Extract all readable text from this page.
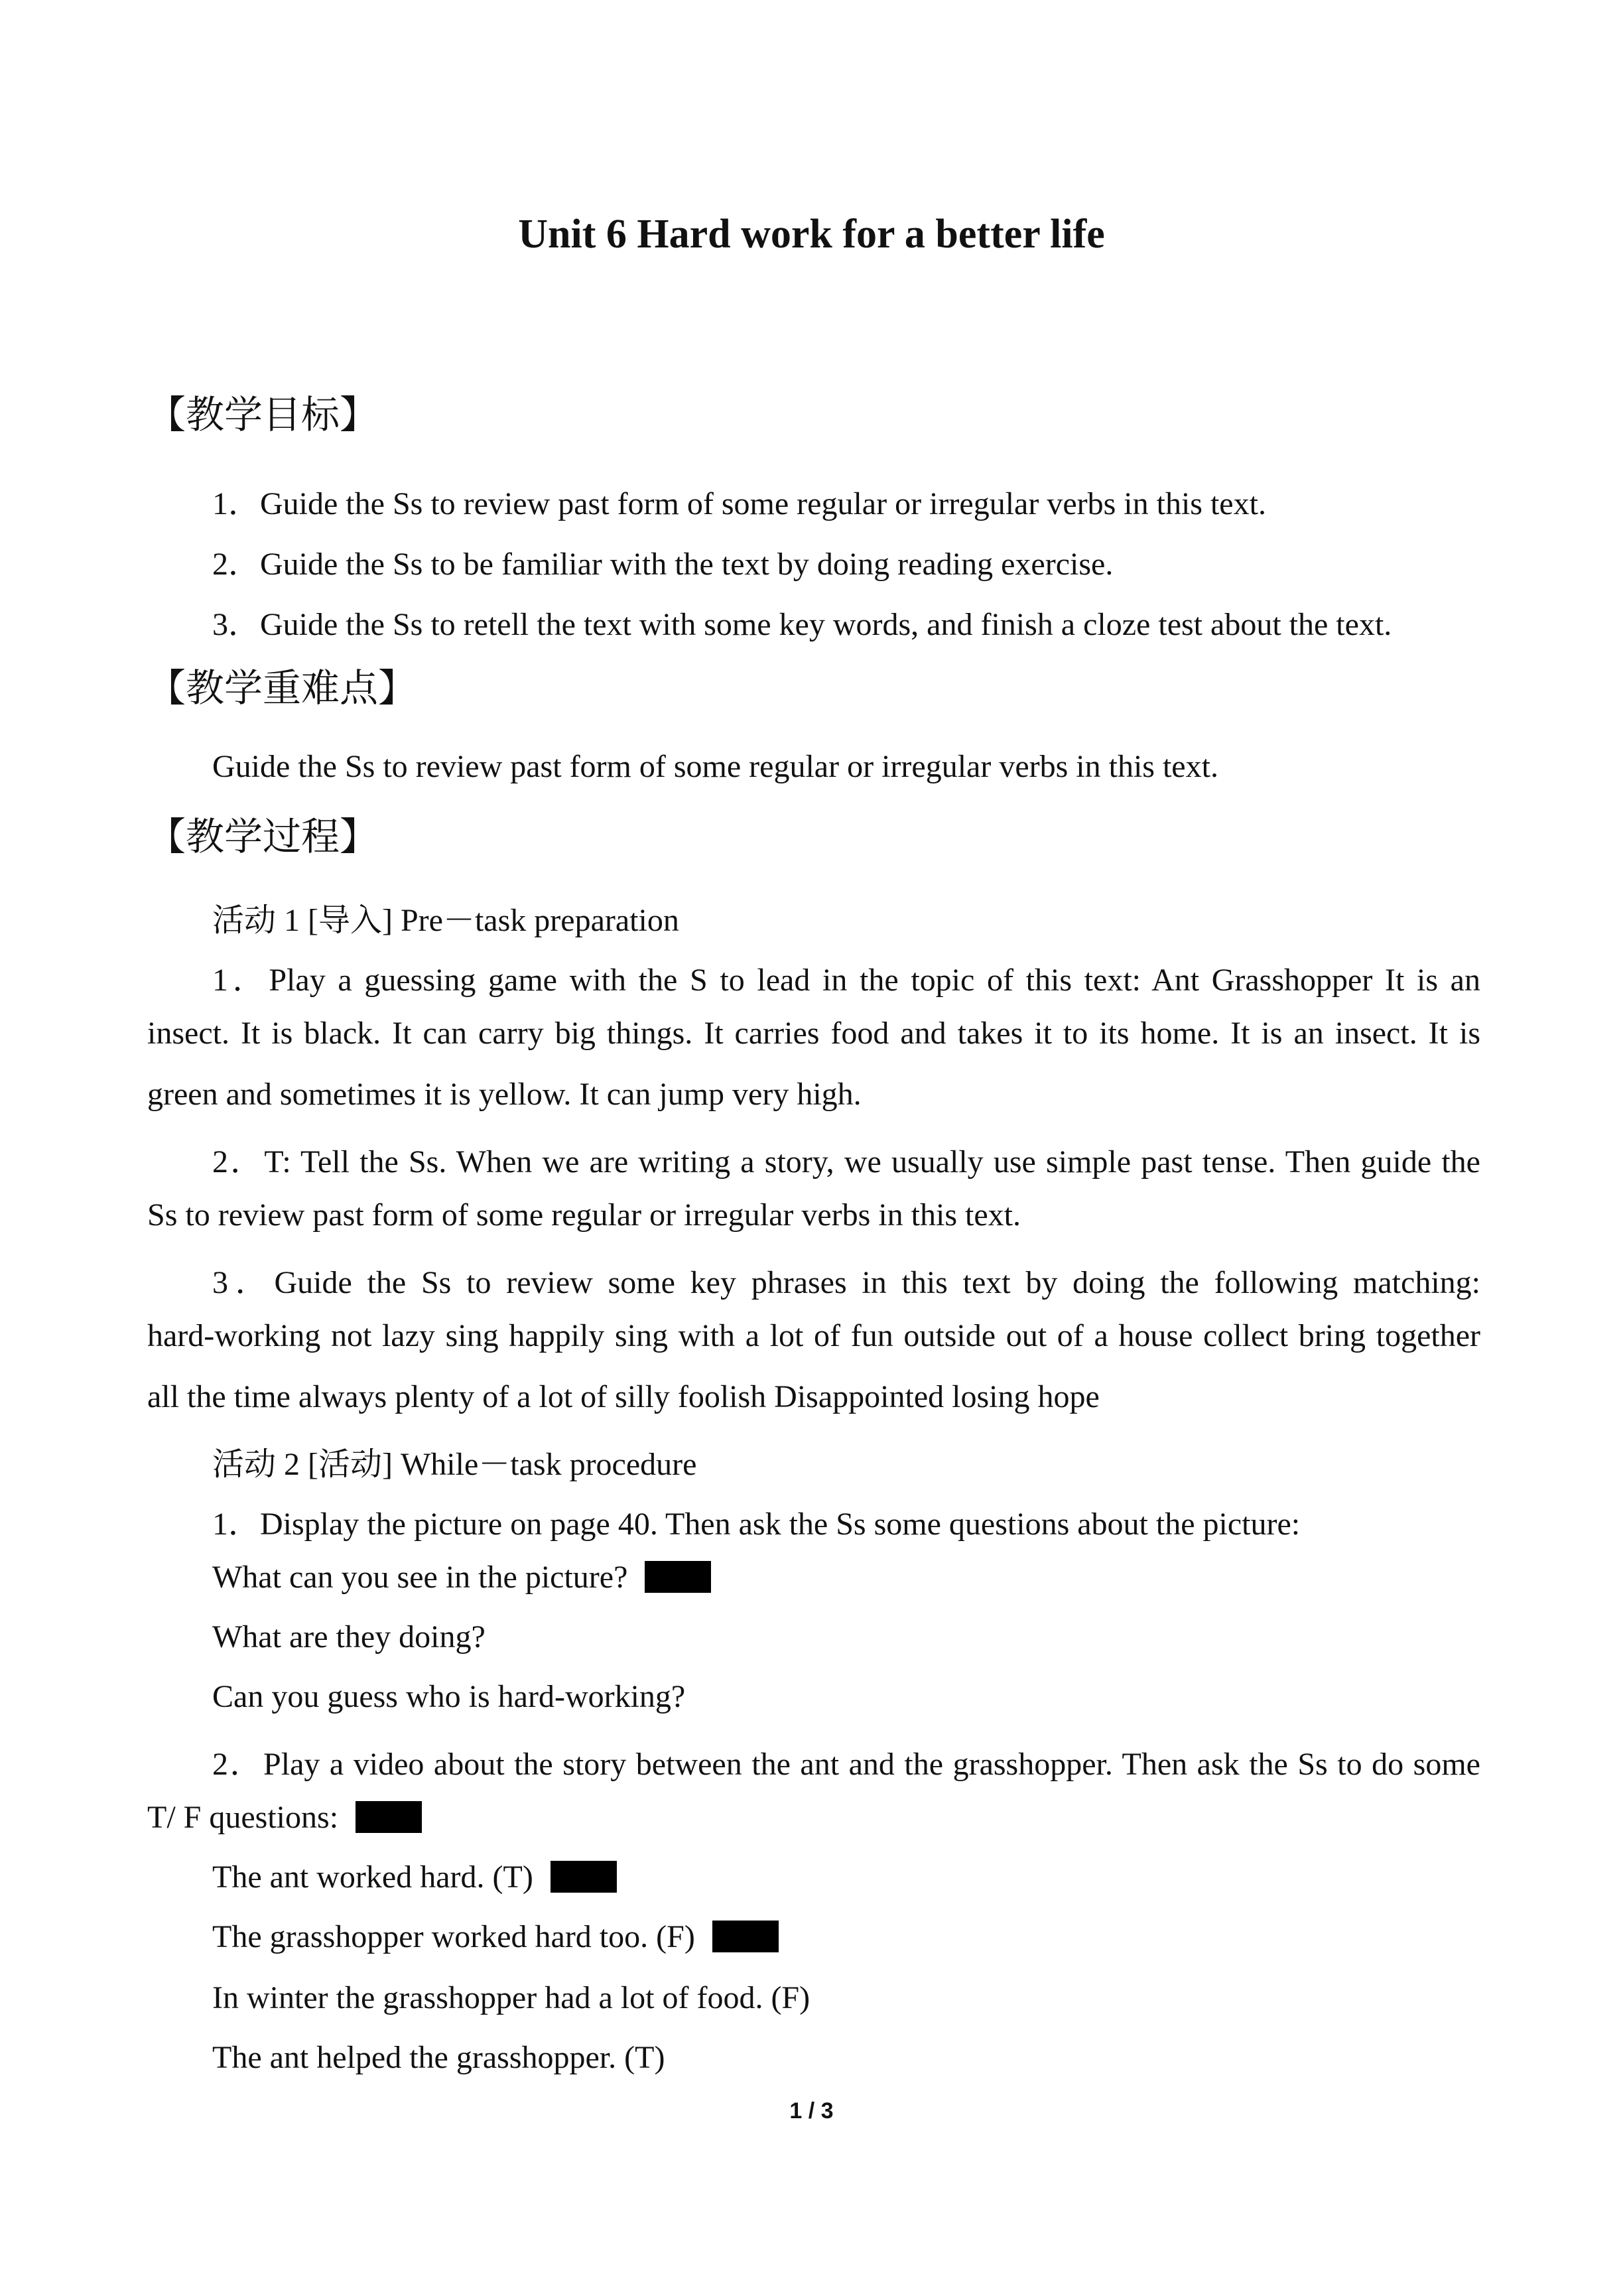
Unit 6 Hard work for a better life
【教学目标】

1．Guide the Ss to review past form of some regular or irregular verbs in this text.

2．Guide the Ss to be familiar with the text by doing reading exercise.

3．Guide the Ss to retell the text with some key words, and finish a cloze test about the text.

【教学重难点】

Guide the Ss to review past form of some regular or irregular verbs in this text.

【教学过程】

活动 1 [导入] Pre－task preparation

1．Play a guessing game with the S to lead in the topic of this text: Ant Grasshopper It is an

insect. It is black. It can carry big things. It carries food and takes it to its home. It is an insect. It is

green and sometimes it is yellow. It can jump very high.

2．T: Tell the Ss. When we are writing a story, we usually use simple past tense. Then guide the

Ss to review past form of some regular or irregular verbs in this text.

3．Guide the Ss to review some key phrases in this text by doing the following matching:

hard-working not lazy sing happily sing with a lot of fun outside out of a house collect bring together

all the time always plenty of a lot of silly foolish Disappointed losing hope

活动 2 [活动] While－task procedure

1．Display the picture on page 40. Then ask the Ss some questions about the picture:

What can you see in the picture?

What are they doing?

Can you guess who is hard-working?

2．Play a video about the story between the ant and the grasshopper. Then ask the Ss to do some

T/ F questions:

The ant worked hard. (T)

The grasshopper worked hard too. (F)

In winter the grasshopper had a lot of food. (F)

The ant helped the grasshopper. (T)

1 / 3
